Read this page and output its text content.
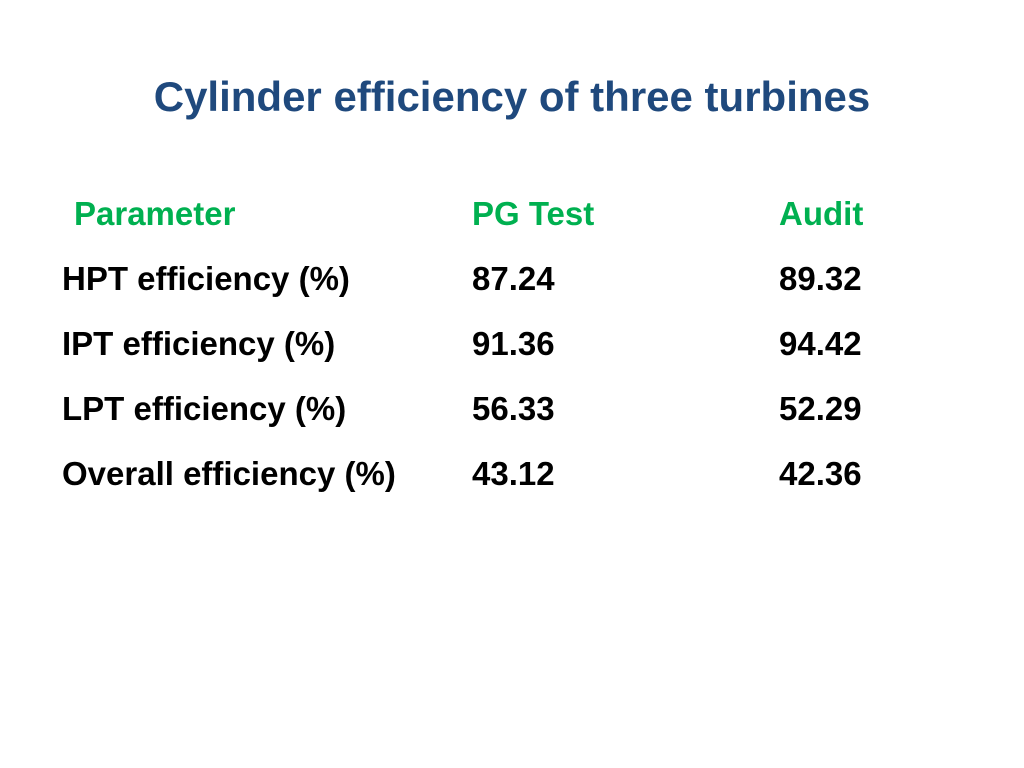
Cylinder efficiency of three turbines
Parameter	PG Test	Audit
HPT efficiency (%)	87.24	89.32
IPT efficiency (%)	91.36	94.42
LPT efficiency (%)	56.33	52.29
Overall efficiency (%) 43.12	42.36
